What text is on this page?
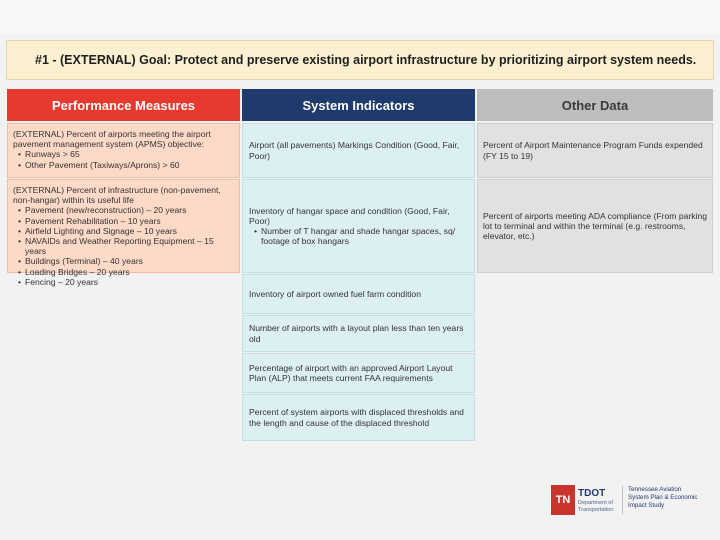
#1 - (EXTERNAL) Goal: Protect and preserve existing airport infrastructure by prioritizing airport system needs.
Performance Measures	System Indicators	Other Data
(EXTERNAL) Percent of airports meeting the airport pavement management system (APMS) objective:
• Runways > 65
• Other Pavement (Taxiways/Aprons) > 60
(EXTERNAL) Percent of infrastructure (non-pavement, non-hangar) within its useful life
• Pavement (new/reconstruction) – 20 years
• Pavement Rehabilitation – 10 years
• Airfield Lighting and Signage – 10 years
• NAVAIDs and Weather Reporting Equipment – 15 years
• Buildings (Terminal) – 40 years
• Loading Bridges – 20 years
• Fencing – 20 years
Airport (all pavements) Markings Condition (Good, Fair, Poor)
Inventory of hangar space and condition (Good, Fair, Poor)
• Number of T hangar and shade hangar spaces, sq/ footage of box hangars
Inventory of airport owned fuel farm condition
Number of airports with a layout plan less than ten years old
Percentage of airport with an approved Airport Layout Plan (ALP) that meets current FAA requirements
Percent of system airports with displaced thresholds and the length and cause of the displaced threshold
Percent of Airport Maintenance Program Funds expended (FY 15 to 19)
Percent of airports meeting ADA compliance (From parking lot to terminal and within the terminal (e.g. restrooms, elevator, etc.)
TN
TDOT
Department of Transportation
Tennessee Aviation
System Plan & Economic
Impact Study
